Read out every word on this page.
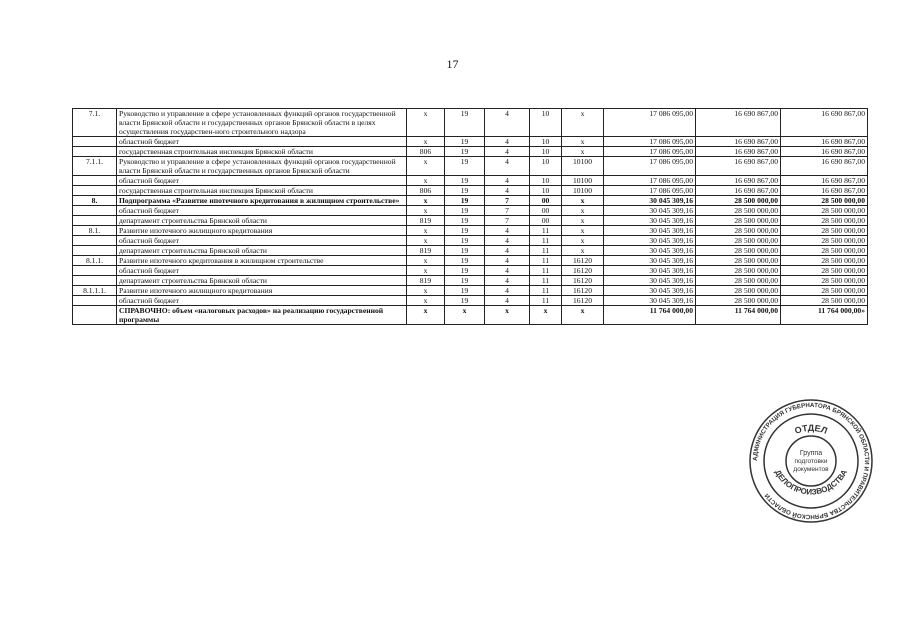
17
7.1.	Руководство и управление в сфере установленных функций органов государственной власти Брянской области и государственных органов Брянской области в целях осуществления государствен-ного строительного надзора	х	19	4	10	х	17 086 095,00	16 690 867,00	16 690 867,00
	областной бюджет	х	19	4	10	х	17 086 095,00	16 690 867,00	16 690 867,00
	государственная строительная инспекция Брянской области	806	19	4	10	х	17 086 095,00	16 690 867,00	16 690 867,00
7.1.1.	Руководство и управление в сфере установленных функций органов государственной власти Брянской области и государственных органов Брянской области	х	19	4	10	10100	17 086 095,00	16 690 867,00	16 690 867,00
	областной бюджет	х	19	4	10	10100	17 086 095,00	16 690 867,00	16 690 867,00
	государственная строительная инспекция Брянской области	806	19	4	10	10100	17 086 095,00	16 690 867,00	16 690 867,00
8.	Подпрограмма «Развитие ипотечного кредитования в жилищном строительстве»	х	19	7	00	х	30 045 309,16	28 500 000,00	28 500 000,00
	областной бюджет	х	19	7	00	х	30 045 309,16	28 500 000,00	28 500 000,00
	департамент строительства Брянской области	819	19	7	00	х	30 045 309,16	28 500 000,00	28 500 000,00
8.1.	Развитие ипотечного жилищного кредитования	х	19	4	11	х	30 045 309,16	28 500 000,00	28 500 000,00
	областной бюджет	х	19	4	11	х	30 045 309,16	28 500 000,00	28 500 000,00
	департамент строительства Брянской области	819	19	4	11	х	30 045 309,16	28 500 000,00	28 500 000,00
8.1.1.	Развитие ипотечного кредитования в жилищном строительстве	х	19	4	11	16120	30 045 309,16	28 500 000,00	28 500 000,00
	областной бюджет	х	19	4	11	16120	30 045 309,16	28 500 000,00	28 500 000,00
	департамент строительства Брянской области	819	19	4	11	16120	30 045 309,16	28 500 000,00	28 500 000,00
8.1.1.1.	Развитие ипотечного жилищного кредитования	х	19	4	11	16120	30 045 309,16	28 500 000,00	28 500 000,00
	областной бюджет	х	19	4	11	16120	30 045 309,16	28 500 000,00	28 500 000,00
	СПРАВОЧНО: объем «налоговых расходов» на реализацию государственной программы	х	х	х	х	х	11 764 000,00	11 764 000,00	11 764 000,00»
АДМИНИСТРАЦИЯ ГУБЕРНАТОРА БРЯНСКОЙ ОБЛАСТИ И ПРАВИТЕЛЬСТВА БРЯНСКОЙ ОБЛАСТИ
ОТДЕЛ
ДЕЛОПРОИЗВОДСТВА
Группа
подготовки
документов
